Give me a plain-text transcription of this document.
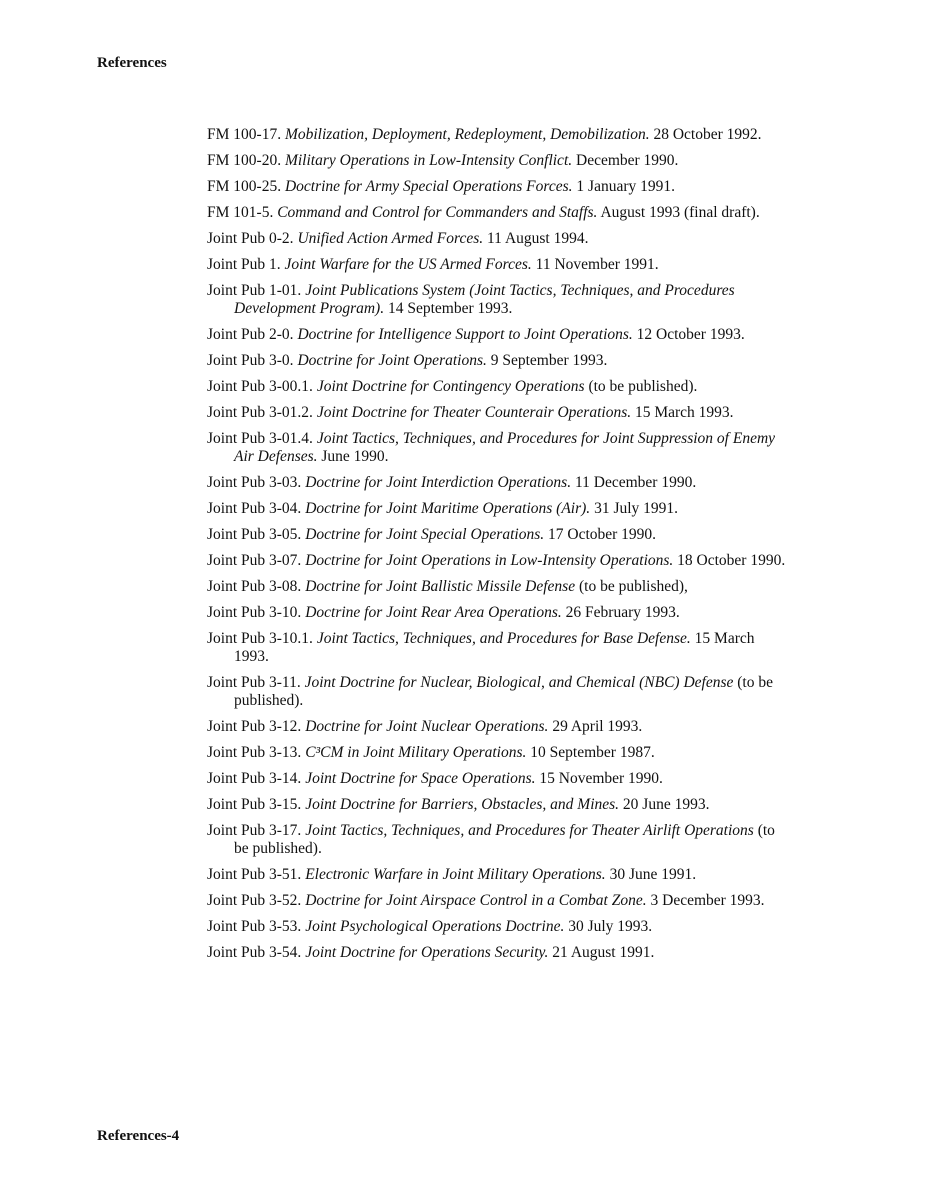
References

FM 100-17. Mobilization, Deployment, Redeployment, Demobilization. 28 October 1992.

FM 100-20. Military Operations in Low-Intensity Conflict. December 1990.

FM 100-25. Doctrine for Army Special Operations Forces. 1 January 1991.

FM 101-5. Command and Control for Commanders and Staffs. August 1993 (final draft).

Joint Pub 0-2. Unified Action Armed Forces. 11 August 1994.

Joint Pub 1. Joint Warfare for the US Armed Forces. 11 November 1991.

Joint Pub 1-01. Joint Publications System (Joint Tactics, Techniques, and Procedures Development Program). 14 September 1993.

Joint Pub 2-0. Doctrine for Intelligence Support to Joint Operations. 12 October 1993.

Joint Pub 3-0. Doctrine for Joint Operations. 9 September 1993.

Joint Pub 3-00.1. Joint Doctrine for Contingency Operations (to be published).

Joint Pub 3-01.2. Joint Doctrine for Theater Counterair Operations. 15 March 1993.

Joint Pub 3-01.4. Joint Tactics, Techniques, and Procedures for Joint Suppression of Enemy Air Defenses. June 1990.

Joint Pub 3-03. Doctrine for Joint Interdiction Operations. 11 December 1990.

Joint Pub 3-04. Doctrine for Joint Maritime Operations (Air). 31 July 1991.

Joint Pub 3-05. Doctrine for Joint Special Operations. 17 October 1990.

Joint Pub 3-07. Doctrine for Joint Operations in Low-Intensity Operations. 18 October 1990.

Joint Pub 3-08. Doctrine for Joint Ballistic Missile Defense (to be published),

Joint Pub 3-10. Doctrine for Joint Rear Area Operations. 26 February 1993.

Joint Pub 3-10.1. Joint Tactics, Techniques, and Procedures for Base Defense. 15 March 1993.

Joint Pub 3-11. Joint Doctrine for Nuclear, Biological, and Chemical (NBC) Defense (to be published).

Joint Pub 3-12. Doctrine for Joint Nuclear Operations. 29 April 1993.

Joint Pub 3-13. C³CM in Joint Military Operations. 10 September 1987.

Joint Pub 3-14. Joint Doctrine for Space Operations. 15 November 1990.

Joint Pub 3-15. Joint Doctrine for Barriers, Obstacles, and Mines. 20 June 1993.

Joint Pub 3-17. Joint Tactics, Techniques, and Procedures for Theater Airlift Operations (to be published).

Joint Pub 3-51. Electronic Warfare in Joint Military Operations. 30 June 1991.

Joint Pub 3-52. Doctrine for Joint Airspace Control in a Combat Zone. 3 December 1993.

Joint Pub 3-53. Joint Psychological Operations Doctrine. 30 July 1993.

Joint Pub 3-54. Joint Doctrine for Operations Security. 21 August 1991.

References-4
